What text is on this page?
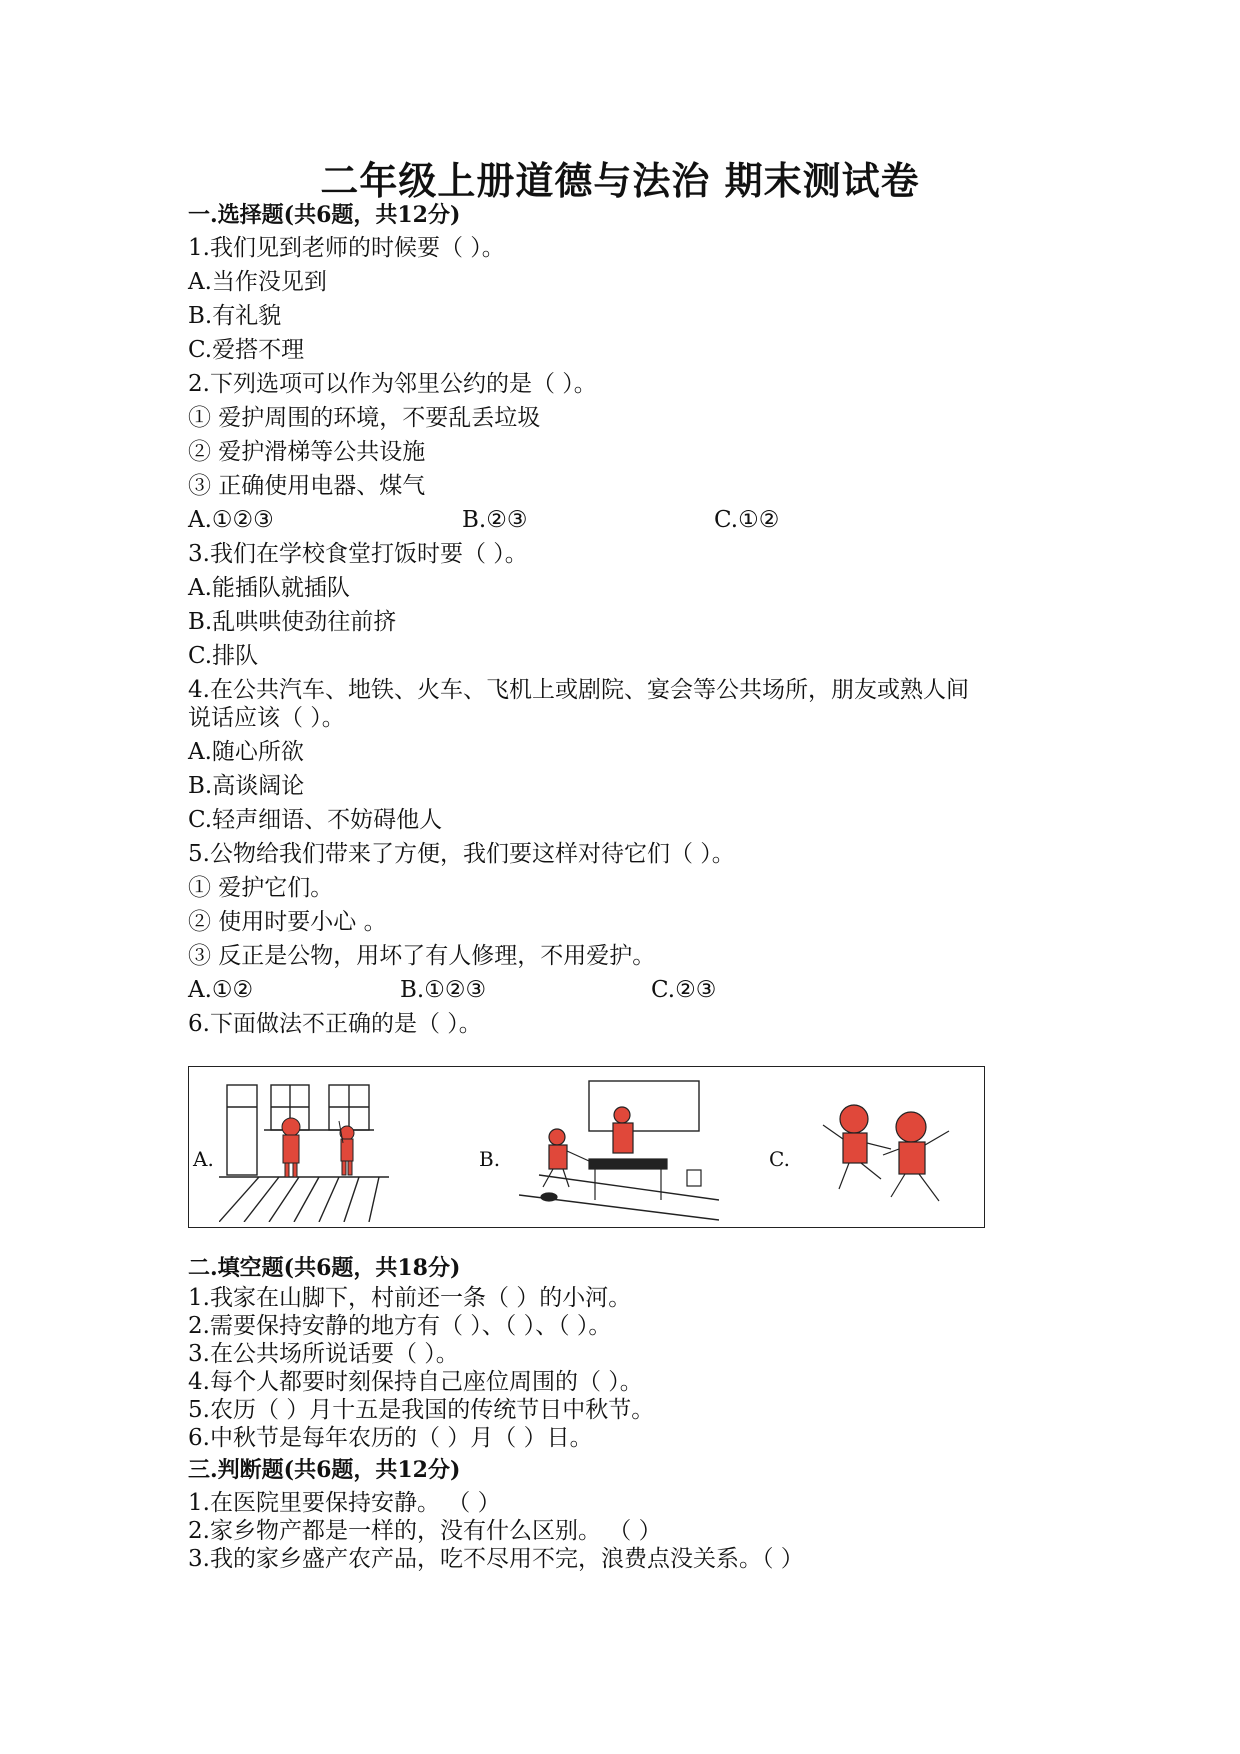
二年级上册道德与法治 期末测试卷
一.选择题(共6题，共12分)
1.我们见到老师的时候要（ ）。
A.当作没见到
B.有礼貌
C.爱搭不理
2.下列选项可以作为邻里公约的是（ ）。
① 爱护周围的环境，不要乱丢垃圾
② 爱护滑梯等公共设施
③ 正确使用电器、煤气
A.①②③	B.②③	C.①②
3.我们在学校食堂打饭时要（ ）。
A.能插队就插队
B.乱哄哄使劲往前挤
C.排队
4.在公共汽车、地铁、火车、飞机上或剧院、宴会等公共场所，朋友或熟人间
说话应该（ ）。
A.随心所欲
B.高谈阔论
C.轻声细语、不妨碍他人
5.公物给我们带来了方便，我们要这样对待它们（ ）。
① 爱护它们。
② 使用时要小心 。
③ 反正是公物，用坏了有人修理，不用爱护。
A.①②	B.①②③	C.②③
6.下面做法不正确的是（ ）。
A.	B.	C.
二.填空题(共6题，共18分)
1.我家在山脚下，村前还一条（ ）的小河。
2.需要保持安静的地方有（ ）、（ ）、（ ）。
3.在公共场所说话要（ ）。
4.每个人都要时刻保持自己座位周围的（ ）。
5.农历（ ）月十五是我国的传统节日中秋节。
6.中秋节是每年农历的（ ）月（ ）日。
三.判断题(共6题，共12分)
1.在医院里要保持安静。 （ ）
2.家乡物产都是一样的，没有什么区别。 （ ）
3.我的家乡盛产农产品，吃不尽用不完，浪费点没关系。（ ）
